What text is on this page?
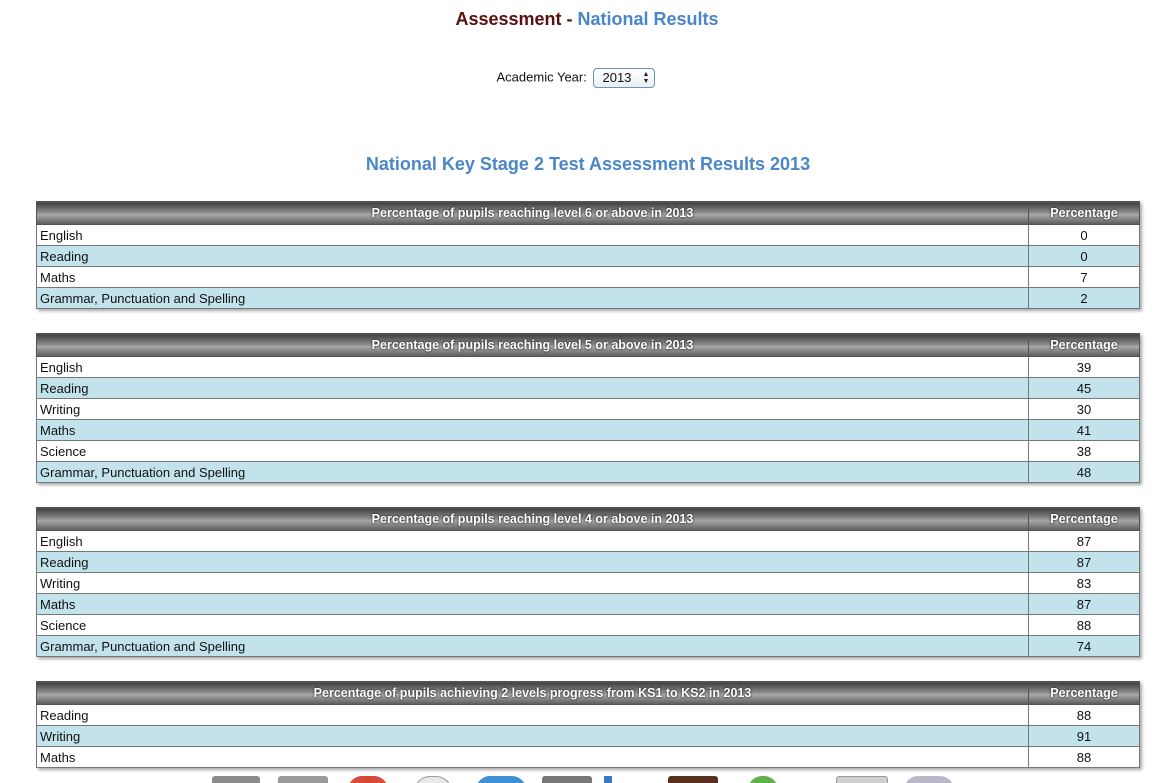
Assessment - National Results
Academic Year: 2013 ▲
▼
National Key Stage 2 Test Assessment Results 2013
Percentage of pupils reaching level 6 or above in 2013	Percentage
English	0
Reading	0
Maths	7
Grammar, Punctuation and Spelling	2
Percentage of pupils reaching level 5 or above in 2013	Percentage
English	39
Reading	45
Writing	30
Maths	41
Science	38
Grammar, Punctuation and Spelling	48
Percentage of pupils reaching level 4 or above in 2013	Percentage
English	87
Reading	87
Writing	83
Maths	87
Science	88
Grammar, Punctuation and Spelling	74
Percentage of pupils achieving 2 levels progress from KS1 to KS2 in 2013	Percentage
Reading	88
Writing	91
Maths	88
